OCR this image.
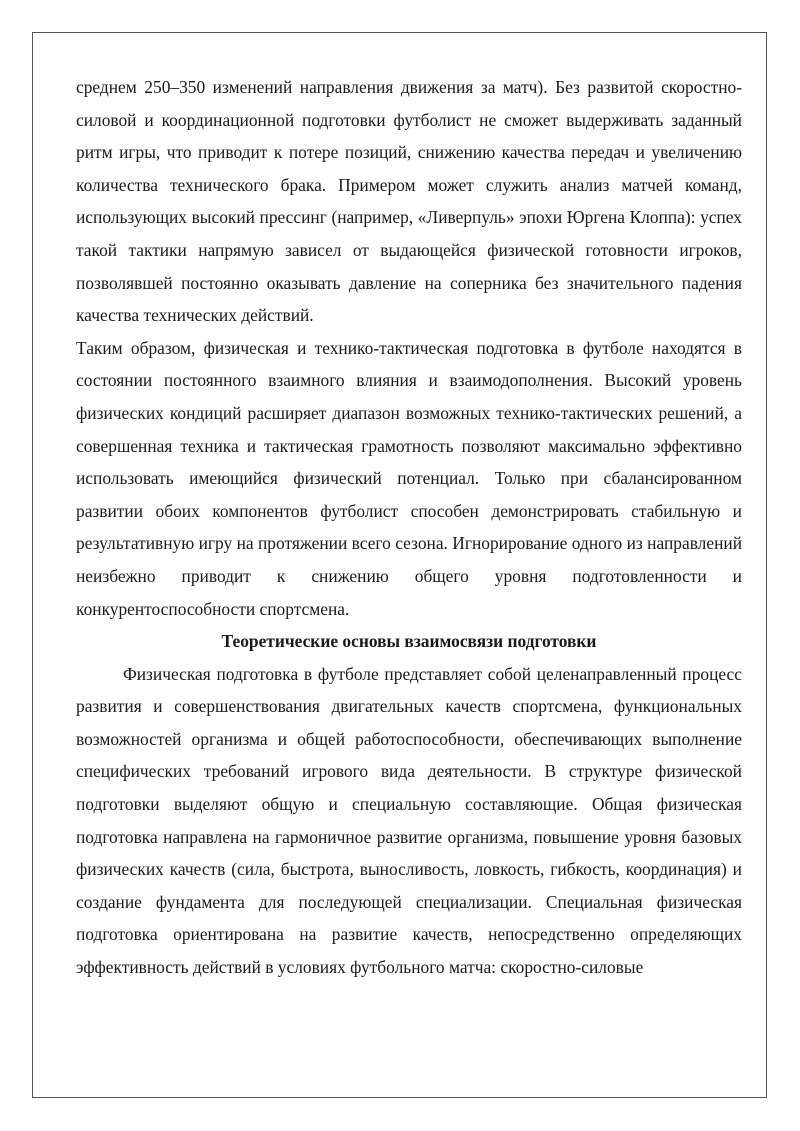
среднем 250–350 изменений направления движения за матч). Без развитой скоростно-силовой и координационной подготовки футболист не сможет выдерживать заданный ритм игры, что приводит к потере позиций, снижению качества передач и увеличению количества технического брака. Примером может служить анализ матчей команд, использующих высокий прессинг (например, «Ливерпуль» эпохи Юргена Клоппа): успех такой тактики напрямую зависел от выдающейся физической готовности игроков, позволявшей постоянно оказывать давление на соперника без значительного падения качества технических действий.

Таким образом, физическая и технико-тактическая подготовка в футболе находятся в состоянии постоянного взаимного влияния и взаимодополнения. Высокий уровень физических кондиций расширяет диапазон возможных технико-тактических решений, а совершенная техника и тактическая грамотность позволяют максимально эффективно использовать имеющийся физический потенциал. Только при сбалансированном развитии обоих компонентов футболист способен демонстрировать стабильную и результативную игру на протяжении всего сезона. Игнорирование одного из направлений неизбежно приводит к снижению общего уровня подготовленности и конкурентоспособности спортсмена.

Теоретические основы взаимосвязи подготовки

Физическая подготовка в футболе представляет собой целенаправленный процесс развития и совершенствования двигательных качеств спортсмена, функциональных возможностей организма и общей работоспособности, обеспечивающих выполнение специфических требований игрового вида деятельности. В структуре физической подготовки выделяют общую и специальную составляющие. Общая физическая подготовка направлена на гармоничное развитие организма, повышение уровня базовых физических качеств (сила, быстрота, выносливость, ловкость, гибкость, координация) и создание фундамента для последующей специализации. Специальная физическая подготовка ориентирована на развитие качеств, непосредственно определяющих эффективность действий в условиях футбольного матча: скоростно-силовые
